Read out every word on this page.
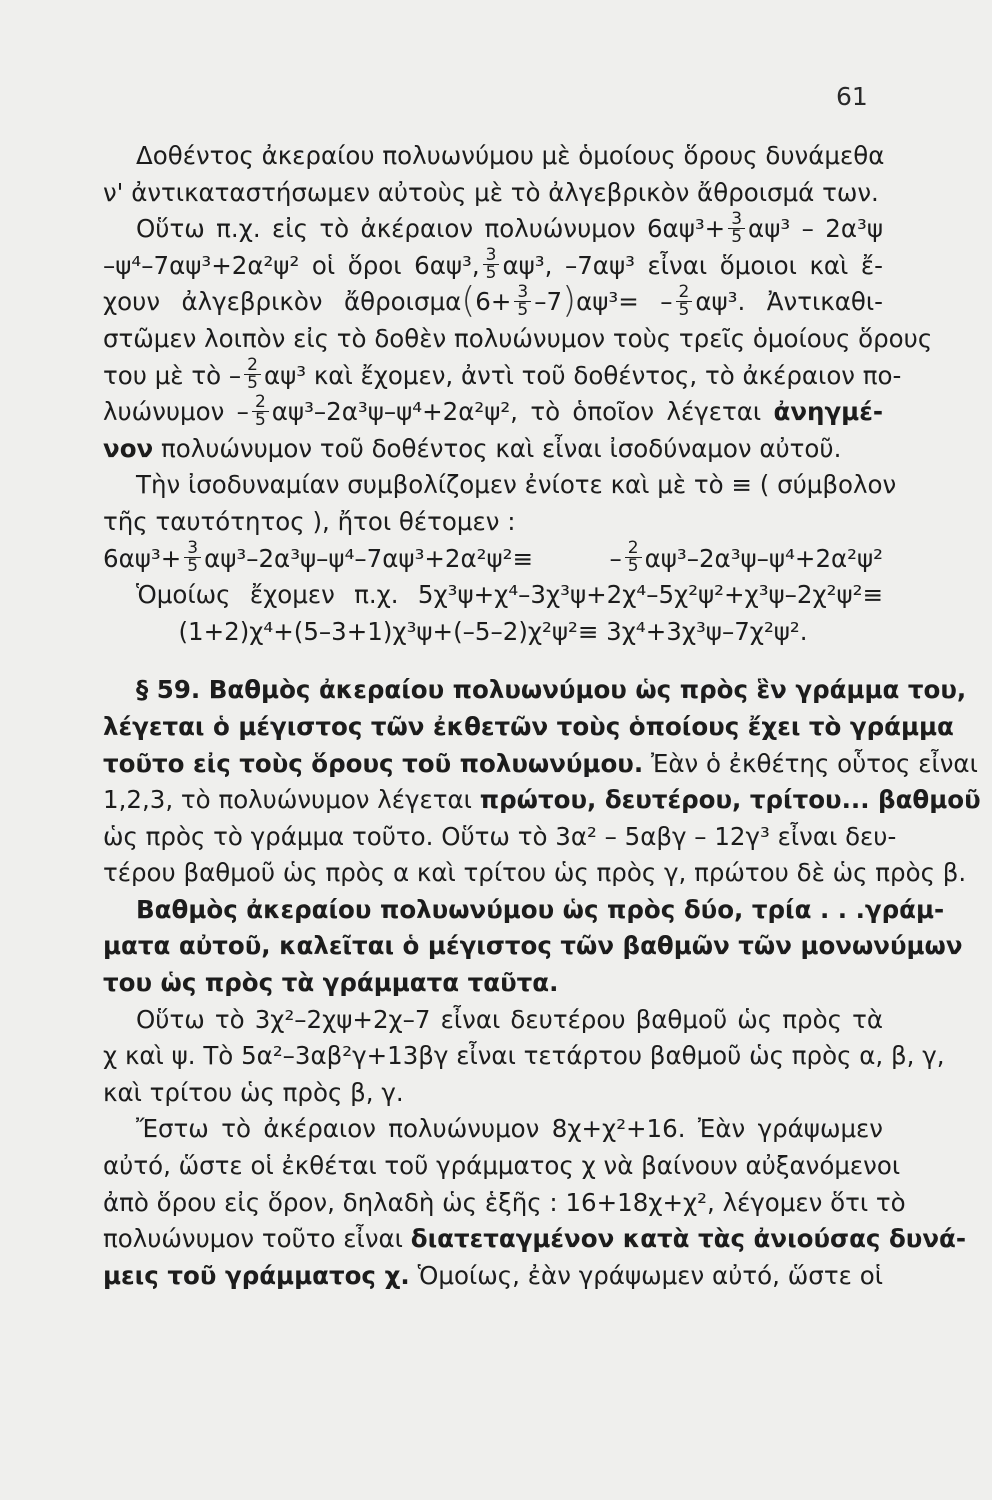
61
Δοθέντος ἀκεραίου πολυωνύμου μὲ ὁμοίους ὅρους δυνάμεθα
ν' ἀντικαταστήσωμεν αὐτοὺς μὲ τὸ ἀλγεβρικὸν ἄθροισμά των.
Οὕτω π.χ. εἰς τὸ ἀκέραιον πολυώνυμον $6\alpha\psi^3+ \frac{3}{5} \alpha\psi^3 - 2\alpha^3\psi$
–ψ⁴–7αψ³+2α²ψ² οἱ ὅροι 6αψ³, $\frac{3}{5} \alpha\psi^3$, –7αψ³ εἶναι ὅμοιοι καὶ ἔ-
χουν ἀλγεβρικὸν ἄθροισμα(6+ $\frac{3}{5} -7)\alpha\psi^3= - \frac{2}{5} \alpha\psi^3$. Ἀντικαθι-
στῶμεν λοιπὸν εἰς τὸ δοθὲν πολυώνυμον τοὺς τρεῖς ὁμοίους ὅρους
του μὲ τὸ – $\frac{2}{5} \alpha\psi^3$ καὶ ἔχομεν, ἀντὶ τοῦ δοθέντος, τὸ ἀκέραιον πο-
$\lambda\upsilon ώ\nu\upsilon\mu o\nu - \frac{2}{5} \alpha\psi^3-2\alpha^3\psi-\psi^4+2\alpha^2\psi^2$, τὸ ὁποῖον λέγεται ἀνηγμέ-
νον πολυώνυμον τοῦ δοθέντος καὶ εἶναι ἰσοδύναμον αὐτοῦ.
Τὴν ἰσοδυναμίαν συμβολίζομεν ἐνίοτε καὶ μὲ τὸ ≡ ( σύμβολον
τῆς ταυτότητος ), ἤτοι θέτομεν :
$6\alpha\psi^3+ \frac{3}{5} \alpha\psi^3-2\alpha^3\psi-\psi^4-7\alpha\psi^3+2\alpha^2\psi^2\equiv - \frac{2}{5} \alpha\psi^3-2\alpha^3\psi-\psi^4+2\alpha^2\psi^2$
Ὁμοίως ἔχομεν π.χ. 5χ³ψ+χ⁴–3χ³ψ+2χ⁴–5χ²ψ²+χ³ψ–2χ²ψ²≡
(1+2)χ⁴+(5–3+1)χ³ψ+(–5–2)χ²ψ²≡ 3χ⁴+3χ³ψ–7χ²ψ².
§ 59. Βαθμὸς ἀκεραίου πολυωνύμου ὡς πρὸς ἓν γράμμα του,
λέγεται ὁ μέγιστος τῶν ἐκθετῶν τοὺς ὁποίους ἔχει τὸ γράμμα
τοῦτο εἰς τοὺς ὅρους τοῦ πολυωνύμου. Ἐὰν ὁ ἐκθέτης οὗτος εἶναι
1,2,3, τὸ πολυώνυμον λέγεται πρώτου, δευτέρου, τρίτου... βαθμοῦ
ὡς πρὸς τὸ γράμμα τοῦτο. Οὕτω τὸ 3α² – 5αβγ – 12γ³ εἶναι δευ-
τέρου βαθμοῦ ὡς πρὸς α καὶ τρίτου ὡς πρὸς γ, πρώτου δὲ ὡς πρὸς β.
Βαθμὸς ἀκεραίου πολυωνύμου ὡς πρὸς δύο, τρία . . .γράμ-
ματα αὐτοῦ, καλεῖται ὁ μέγιστος τῶν βαθμῶν τῶν μονωνύμων
του ὡς πρὸς τὰ γράμματα ταῦτα.
Οὕτω τὸ 3χ²–2χψ+2χ–7 εἶναι δευτέρου βαθμοῦ ὡς πρὸς τὰ
χ καὶ ψ. Τὸ 5α²–3αβ²γ+13βγ εἶναι τετάρτου βαθμοῦ ὡς πρὸς α, β, γ,
καὶ τρίτου ὡς πρὸς β, γ.
Ἔστω τὸ ἀκέραιον πολυώνυμον 8χ+χ²+16. Ἐὰν γράψωμεν
αὐτό, ὥστε οἱ ἐκθέται τοῦ γράμματος χ νὰ βαίνουν αὐξανόμενοι
ἀπὸ ὅρου εἰς ὅρον, δηλαδὴ ὡς ἑξῆς : 16+18χ+χ², λέγομεν ὅτι τὸ
πολυώνυμον τοῦτο εἶναι διατεταγμένον κατὰ τὰς ἀνιούσας δυνά-
μεις τοῦ γράμματος χ. Ὁμοίως, ἐὰν γράψωμεν αὐτό, ὥστε οἱ
